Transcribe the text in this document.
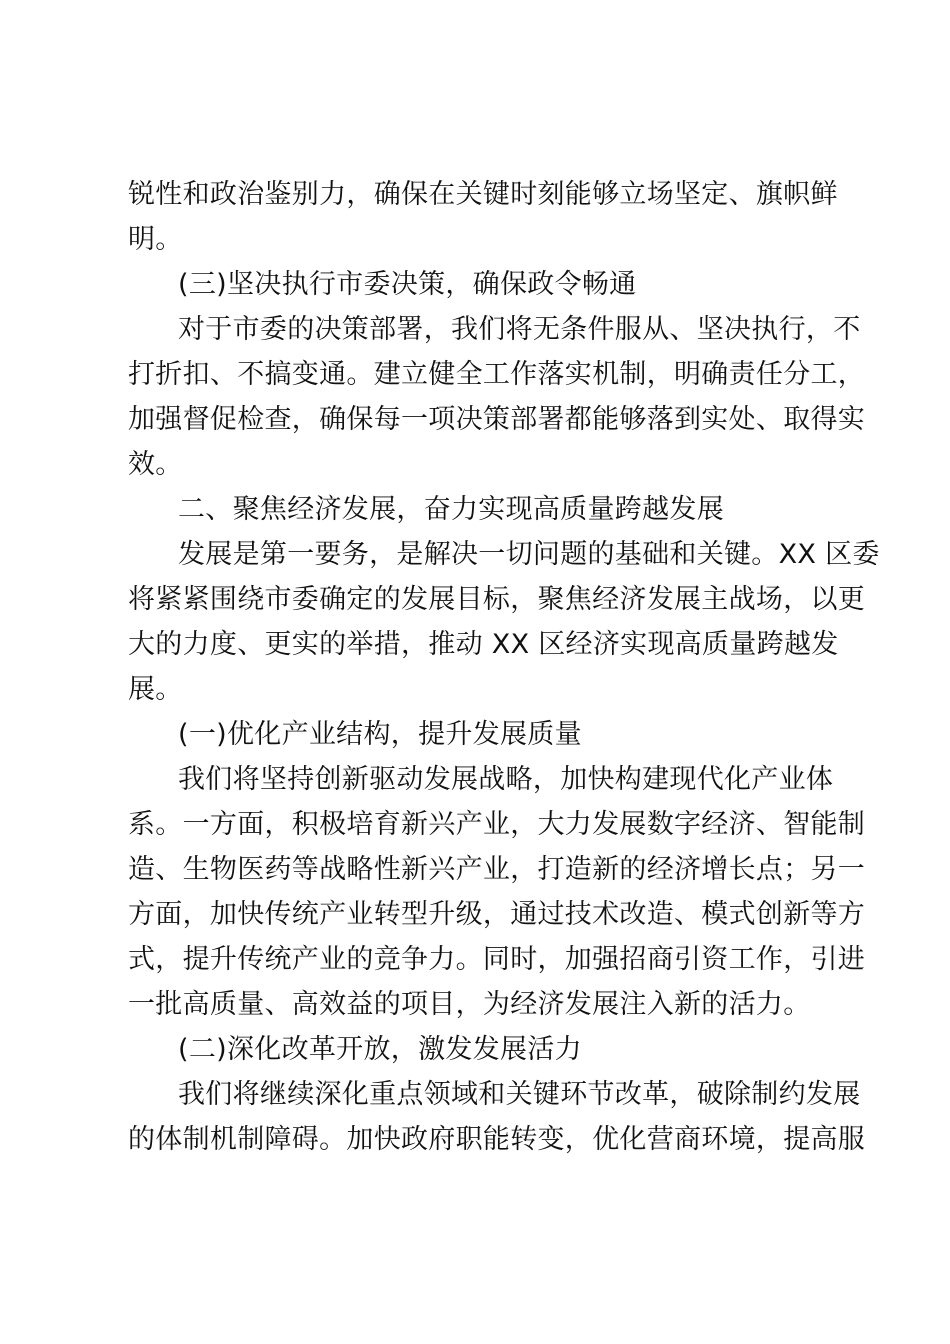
锐性和政治鉴别力，确保在关键时刻能够立场坚定、旗帜鲜
明。
(三)坚决执行市委决策，确保政令畅通
对于市委的决策部署，我们将无条件服从、坚决执行，不
打折扣、不搞变通。建立健全工作落实机制，明确责任分工，
加强督促检查，确保每一项决策部署都能够落到实处、取得实
效。
二、聚焦经济发展，奋力实现高质量跨越发展
发展是第一要务，是解决一切问题的基础和关键。XX 区委
将紧紧围绕市委确定的发展目标，聚焦经济发展主战场，以更
大的力度、更实的举措，推动 XX 区经济实现高质量跨越发
展。
(一)优化产业结构，提升发展质量
我们将坚持创新驱动发展战略，加快构建现代化产业体
系。一方面，积极培育新兴产业，大力发展数字经济、智能制
造、生物医药等战略性新兴产业，打造新的经济增长点；另一
方面，加快传统产业转型升级，通过技术改造、模式创新等方
式，提升传统产业的竞争力。同时，加强招商引资工作，引进
一批高质量、高效益的项目，为经济发展注入新的活力。
(二)深化改革开放，激发发展活力
我们将继续深化重点领域和关键环节改革，破除制约发展
的体制机制障碍。加快政府职能转变，优化营商环境，提高服
